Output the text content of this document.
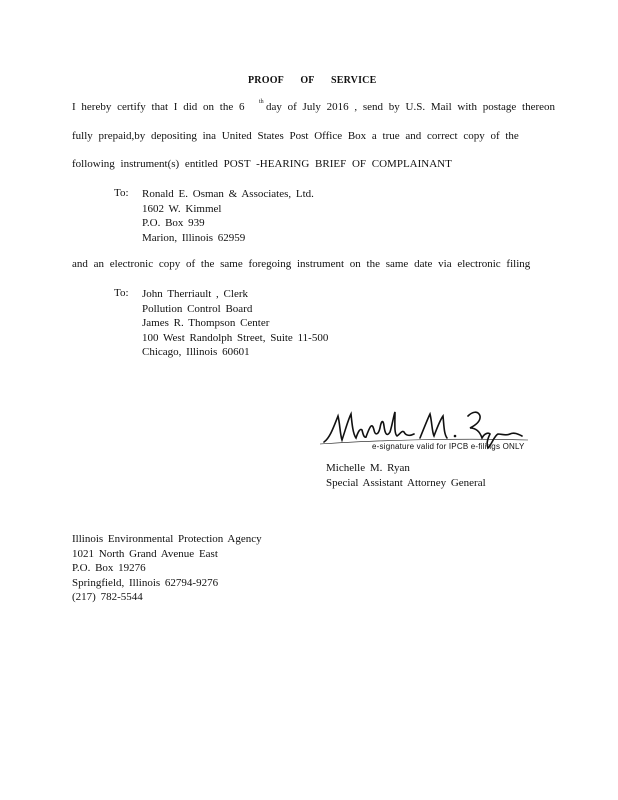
PROOF OF SERVICE
I hereby certify that I did on the 6 th day of July 2016 , send by U.S. Mail with postage thereon
fully prepaid,by depositing ina United States Post Office Box a true and correct copy of the
following instrument(s) entitled POST -HEARING BRIEF OF COMPLAINANT
To: Ronald E. Osman & Associates, Ltd.
1602 W. Kimmel
P.O. Box 939
Marion, Illinois 62959
and an electronic copy of the same foregoing instrument on the same date via electronic filing
To: John Therriault , Clerk
Pollution Control Board
James R. Thompson Center
100 West Randolph Street, Suite 11-500
Chicago, Illinois 60601
e-signature valid for IPCB e-filings ONLY
Michelle M. Ryan
Special Assistant Attorney General
Illinois Environmental Protection Agency
1021 North Grand Avenue East
P.O. Box 19276
Springfield, Illinois 62794-9276
(217) 782-5544
